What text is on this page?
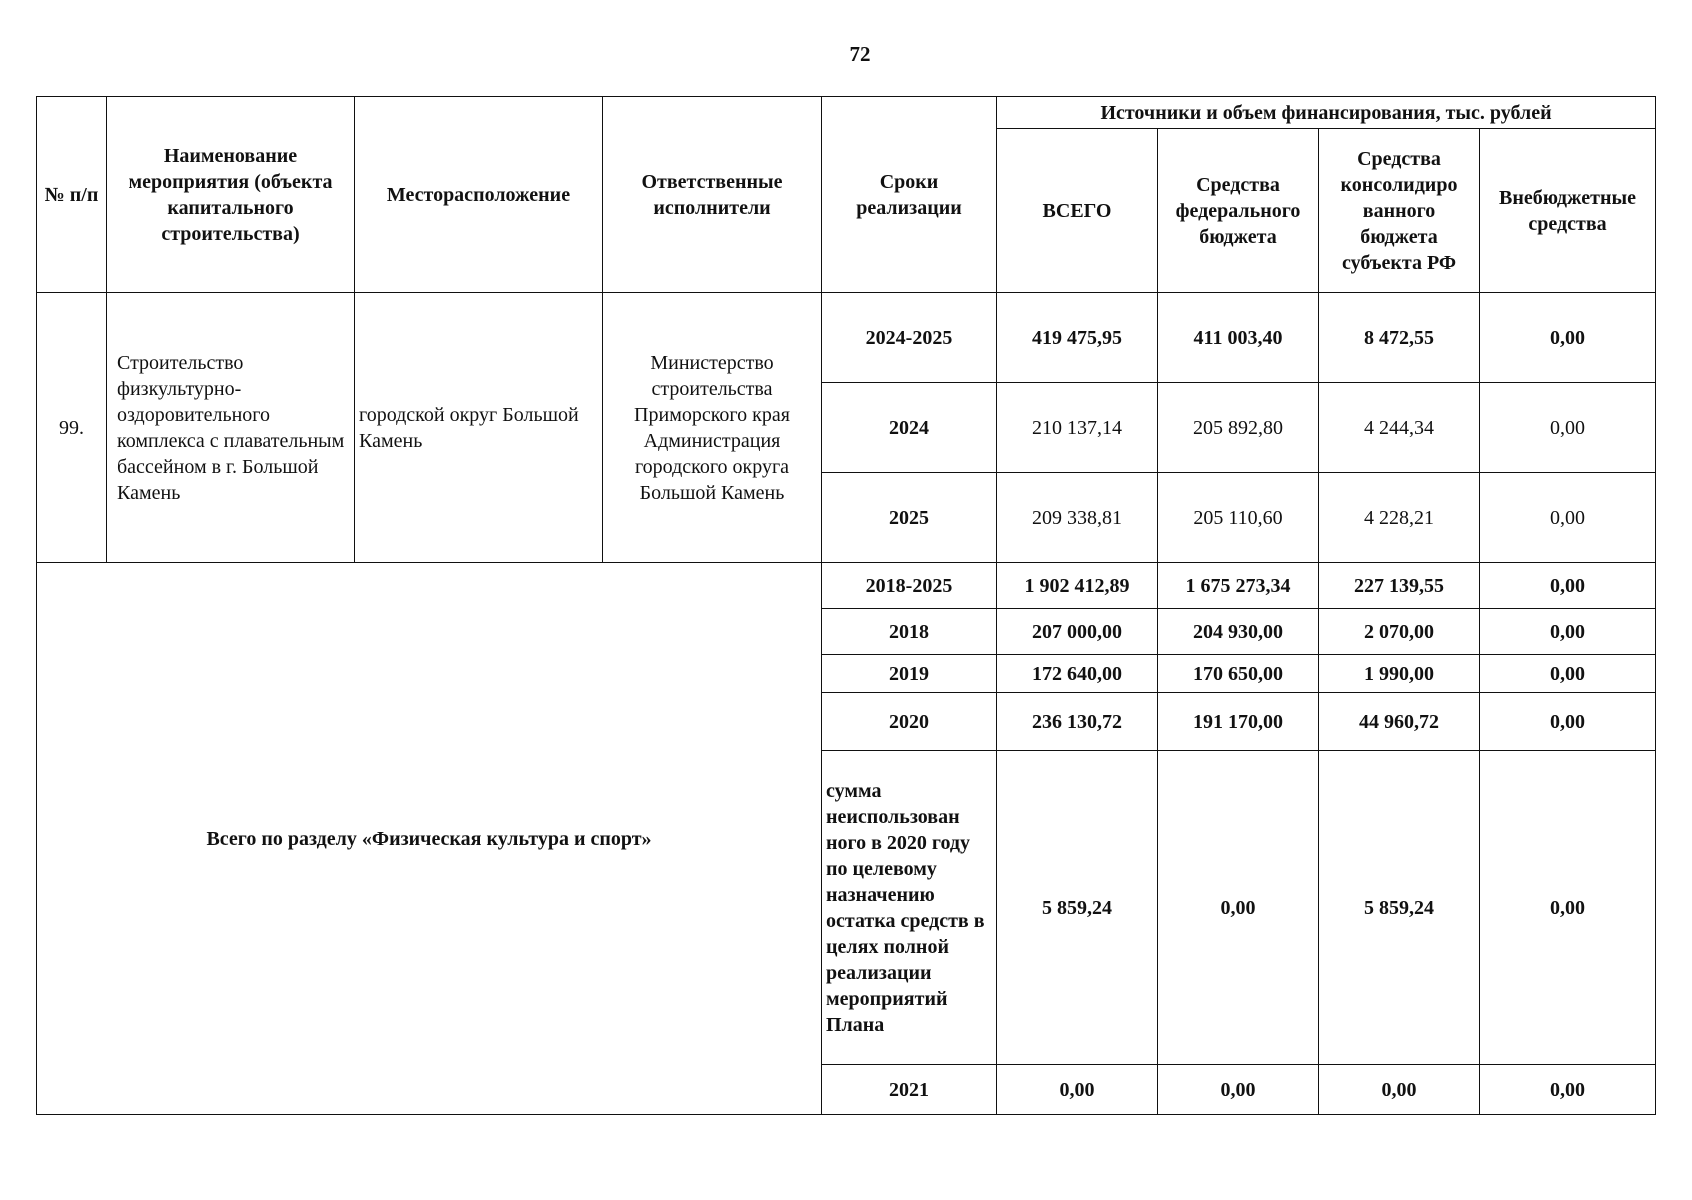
72
№ п/п	Наименование мероприятия (объекта капитального строительства)	Месторасположение	Ответственные исполнители	Сроки реализации	Источники и объем финансирования, тыс. рублей			
					ВСЕГО	Средства федерального бюджета	Средства консолидиро ванного бюджета субъекта РФ	Внебюджетные средства
99.	Строительство физкультурно-оздоровительного комплекса с плавательным бассейном в г. Большой Камень	городской округ Большой Камень	Министерство строительства Приморского края Администрация городского округа Большой Камень	2024-2025	419 475,95	411 003,40	8 472,55	0,00
				2024	210 137,14	205 892,80	4 244,34	0,00
				2025	209 338,81	205 110,60	4 228,21	0,00
Всего по разделу «Физическая культура и спорт»				2018-2025	1 902 412,89	1 675 273,34	227 139,55	0,00
				2018	207 000,00	204 930,00	2 070,00	0,00
				2019	172 640,00	170 650,00	1 990,00	0,00
				2020	236 130,72	191 170,00	44 960,72	0,00
				сумма неиспользован ного в 2020 году по целевому назначению остатка средств в целях полной реализации мероприятий Плана	5 859,24	0,00	5 859,24	0,00
				2021	0,00	0,00	0,00	0,00
